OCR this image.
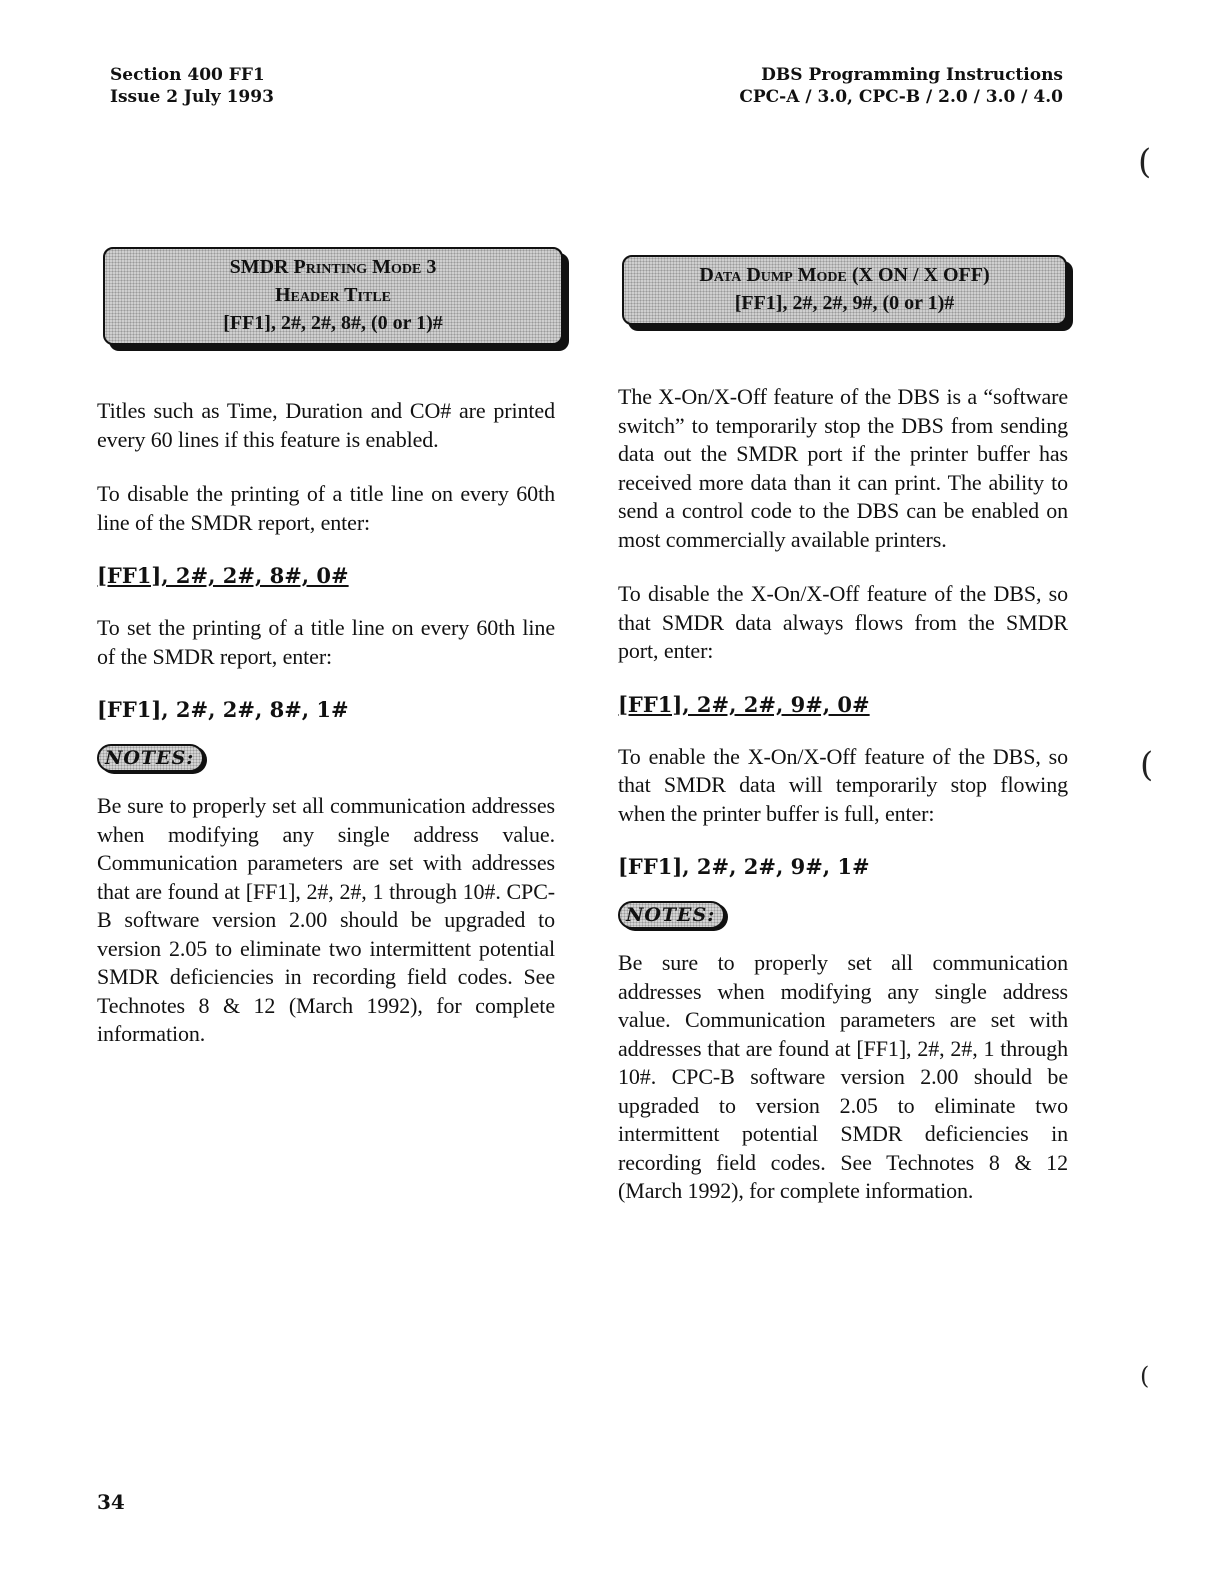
Section 400 FF1
Issue 2 July 1993
DBS Programming Instructions
CPC-A / 3.0, CPC-B / 2.0 / 3.0 / 4.0
SMDR Printing Mode 3
Header Title
[FF1], 2#, 2#, 8#, (0 or 1)#

Titles such as Time, Duration and CO# are printed every 60 lines if this feature is enabled.

To disable the printing of a title line on every 60th line of the SMDR report, enter:

[FF1], 2#, 2#, 8#, 0#

To set the printing of a title line on every 60th line of the SMDR report, enter:

[FF1], 2#, 2#, 8#, 1#

NOTES:

Be sure to properly set all communication addresses when modifying any single address value. Communication parameters are set with addresses that are found at [FF1], 2#, 2#, 1 through 10#. CPC-B software version 2.00 should be upgraded to version 2.05 to eliminate two intermittent potential SMDR deficiencies in recording field codes. See Technotes 8 & 12 (March 1992), for complete information.

Data Dump Mode (X ON / X OFF)
[FF1], 2#, 2#, 9#, (0 or 1)#

The X-On/X-Off feature of the DBS is a “software switch” to temporarily stop the DBS from sending data out the SMDR port if the printer buffer has received more data than it can print. The ability to send a control code to the DBS can be enabled on most commercially available printers.

To disable the X-On/X-Off feature of the DBS, so that SMDR data always flows from the SMDR port, enter:

[FF1], 2#, 2#, 9#, 0#

To enable the X-On/X-Off feature of the DBS, so that SMDR data will temporarily stop flowing when the printer buffer is full, enter:

[FF1], 2#, 2#, 9#, 1#

NOTES:

Be sure to properly set all communication addresses when modifying any single address value. Communication parameters are set with addresses that are found at [FF1], 2#, 2#, 1 through 10#. CPC-B software version 2.00 should be upgraded to version 2.05 to eliminate two intermittent potential SMDR deficiencies in recording field codes. See Technotes 8 & 12 (March 1992), for complete information.

34
(
(
(
